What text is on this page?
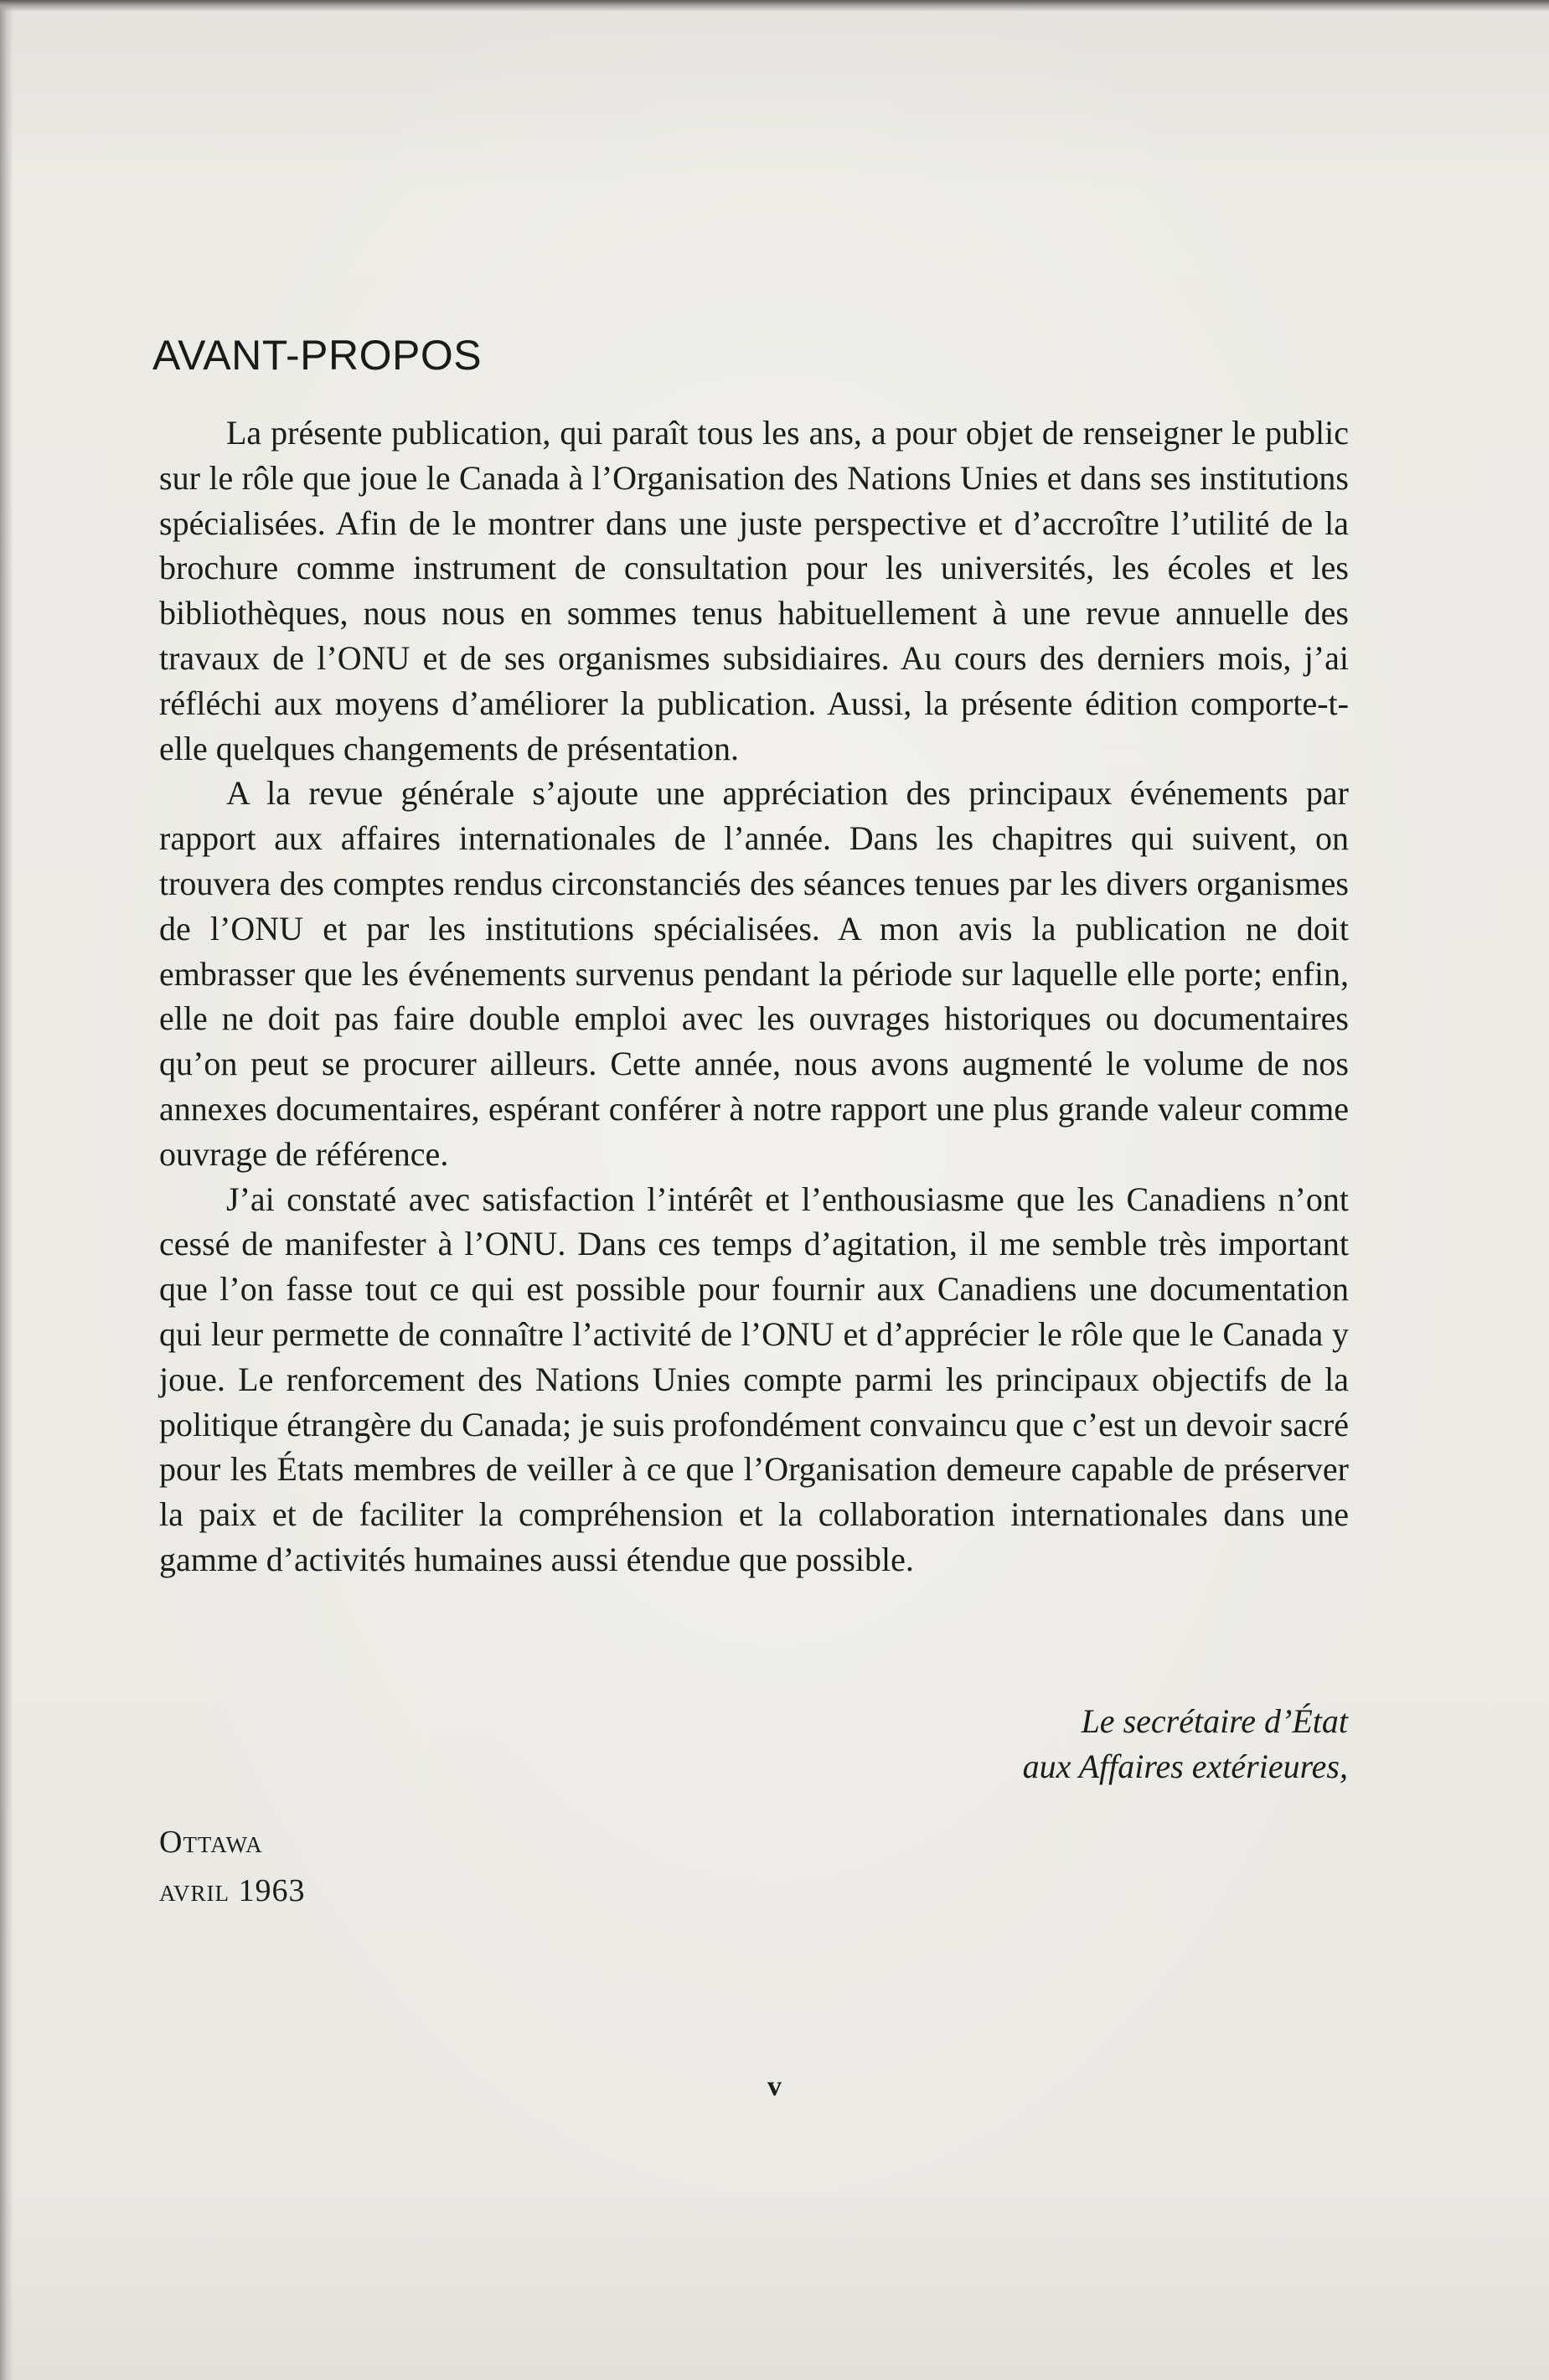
AVANT-PROPOS

La présente publication, qui paraît tous les ans, a pour objet de renseigner le public sur le rôle que joue le Canada à l’Organisation des Nations Unies et dans ses institutions spécialisées. Afin de le montrer dans une juste perspective et d’accroître l’utilité de la brochure comme instrument de consultation pour les universités, les écoles et les bibliothèques, nous nous en sommes tenus habituellement à une revue annuelle des travaux de l’ONU et de ses organismes subsidiaires. Au cours des derniers mois, j’ai réfléchi aux moyens d’améliorer la publication. Aussi, la présente édition comporte-t-elle quelques changements de présentation.

A la revue générale s’ajoute une appréciation des principaux événements par rapport aux affaires internationales de l’année. Dans les chapitres qui suivent, on trouvera des comptes rendus circonstanciés des séances tenues par les divers organismes de l’ONU et par les institutions spécialisées. A mon avis la publication ne doit embrasser que les événements survenus pendant la période sur laquelle elle porte; enfin, elle ne doit pas faire double emploi avec les ouvrages historiques ou documentaires qu’on peut se procurer ailleurs. Cette année, nous avons augmenté le volume de nos annexes documentaires, espérant conférer à notre rapport une plus grande valeur comme ouvrage de référence.

J’ai constaté avec satisfaction l’intérêt et l’enthousiasme que les Canadiens n’ont cessé de manifester à l’ONU. Dans ces temps d’agitation, il me semble très important que l’on fasse tout ce qui est possible pour fournir aux Canadiens une documentation qui leur permette de connaître l’activité de l’ONU et d’apprécier le rôle que le Canada y joue. Le renforcement des Nations Unies compte parmi les principaux objectifs de la politique étrangère du Canada; je suis profondément convaincu que c’est un devoir sacré pour les États membres de veiller à ce que l’Organisation demeure capable de préserver la paix et de faciliter la compréhension et la collaboration internationales dans une gamme d’activités humaines aussi étendue que possible.

Le secrétaire d’État
aux Affaires extérieures,
Ottawa
avril 1963
v
